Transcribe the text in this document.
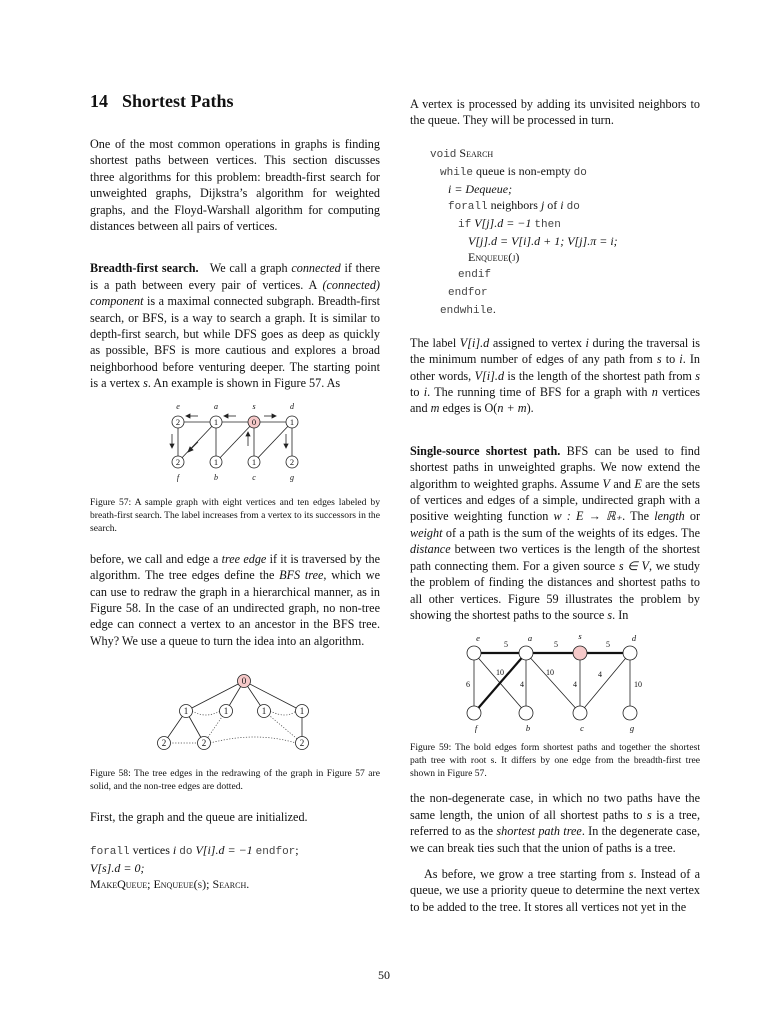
14 Shortest Paths

One of the most common operations in graphs is finding shortest paths between vertices. This section discusses three algorithms for this problem: breadth-first search for unweighted graphs, Dijkstra’s algorithm for weighted graphs, and the Floyd-Warshall algorithm for computing distances between all pairs of vertices.

Breadth-first search. We call a graph connected if there is a path between every pair of vertices. A (connected) component is a maximal connected subgraph. Breadth-first search, or BFS, is a way to search a graph. It is similar to depth-first search, but while DFS goes as deep as quickly as possible, BFS is more cautious and explores a broad neighborhood before venturing deeper. The starting point is a vertex s. An example is shown in Figure 57. As

e	a	s	d
f	b	c	g
2	1	0	1
2	1	1	2

Figure 57: A sample graph with eight vertices and ten edges labeled by breath-first search. The label increases from a vertex to its successors in the search.

before, we call and edge a tree edge if it is traversed by the algorithm. The tree edges define the BFS tree, which we can use to redraw the graph in a hierarchical manner, as in Figure 58. In the case of an undirected graph, no non-tree edge can connect a vertex to an ancestor in the BFS tree. Why? We use a queue to turn the idea into an algorithm.

0
1	1	1	1
2	2	2

Figure 58: The tree edges in the redrawing of the graph in Figure 57 are solid, and the non-tree edges are dotted.

First, the graph and the queue are initialized.

forall vertices i do V[i].d = −1 endfor;
V[s].d = 0;
MakeQueue; Enqueue(s); Search.

A vertex is processed by adding its unvisited neighbors to the queue. They will be processed in turn.

void Search
while queue is non-empty do
i = Dequeue;
forall neighbors j of i do
if V[j].d = −1 then
V[j].d = V[i].d + 1; V[j].π = i;
Enqueue(j)
endif
endfor
endwhile.

The label V[i].d assigned to vertex i during the traversal is the minimum number of edges of any path from s to i. In other words, V[i].d is the length of the shortest path from s to i. The running time of BFS for a graph with n vertices and m edges is O(n + m).

Single-source shortest path. BFS can be used to find shortest paths in unweighted graphs. We now extend the algorithm to weighted graphs. Assume V and E are the sets of vertices and edges of a simple, undirected graph with a positive weighting function w : E → ℝ₊. The length or weight of a path is the sum of the weights of its edges. The distance between two vertices is the length of the shortest path connecting them. For a given source s ∈ V, we study the problem of finding the distances and shortest paths to all other vertices. Figure 59 illustrates the problem by showing the shortest paths to the source s. In

e	a	s	d
f	b	c	g
5	5	5
10	10	4
6	4	4	10

Figure 59: The bold edges form shortest paths and together the shortest path tree with root s. It differs by one edge from the breadth-first tree shown in Figure 57.

the non-degenerate case, in which no two paths have the same length, the union of all shortest paths to s is a tree, referred to as the shortest path tree. In the degenerate case, we can break ties such that the union of paths is a tree.

As before, we grow a tree starting from s. Instead of a queue, we use a priority queue to determine the next vertex to be added to the tree. It stores all vertices not yet in the

50
